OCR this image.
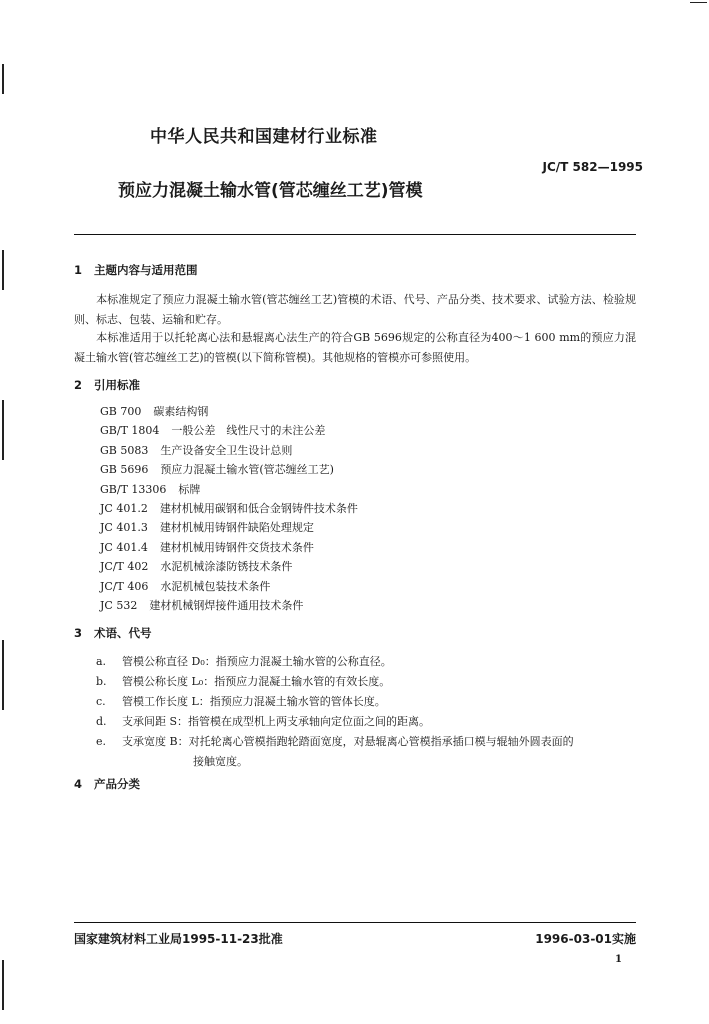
中华人民共和国建材行业标准
JC/T 582—1995
预应力混凝土输水管(管芯缠丝工艺)管模
1 主题内容与适用范围

本标准规定了预应力混凝土输水管(管芯缠丝工艺)管模的术语、代号、产品分类、技术要求、试验方法、检验规则、标志、包装、运输和贮存。

本标准适用于以托轮离心法和悬辊离心法生产的符合GB 5696规定的公称直径为400～1 600 mm的预应力混凝土输水管(管芯缠丝工艺)的管模(以下简称管模)。其他规格的管模亦可参照使用。

2 引用标准
GB 700 碳素结构钢
GB/T 1804 一般公差　线性尺寸的未注公差
GB 5083 生产设备安全卫生设计总则
GB 5696 预应力混凝土输水管(管芯缠丝工艺)
GB/T 13306 标牌
JC 401.2 建材机械用碳钢和低合金钢铸件技术条件
JC 401.3 建材机械用铸钢件缺陷处理规定
JC 401.4 建材机械用铸钢件交货技术条件
JC/T 402 水泥机械涂漆防锈技术条件
JC/T 406 水泥机械包装技术条件
JC 532 建材机械钢焊接件通用技术条件
3 术语、代号
a.	管模公称直径 D₀：指预应力混凝土输水管的公称直径。
b.	管模公称长度 L₀：指预应力混凝土输水管的有效长度。
c.	管模工作长度 L：指预应力混凝土输水管的管体长度。
d.	支承间距 S：指管模在成型机上两支承轴向定位面之间的距离。
e.	支承宽度 B：对托轮离心管模指跑轮踏面宽度，对悬辊离心管模指承插口模与辊轴外圆表面的
接触宽度。
4 产品分类
国家建筑材料工业局1995-11-23批准	1996-03-01实施
1
